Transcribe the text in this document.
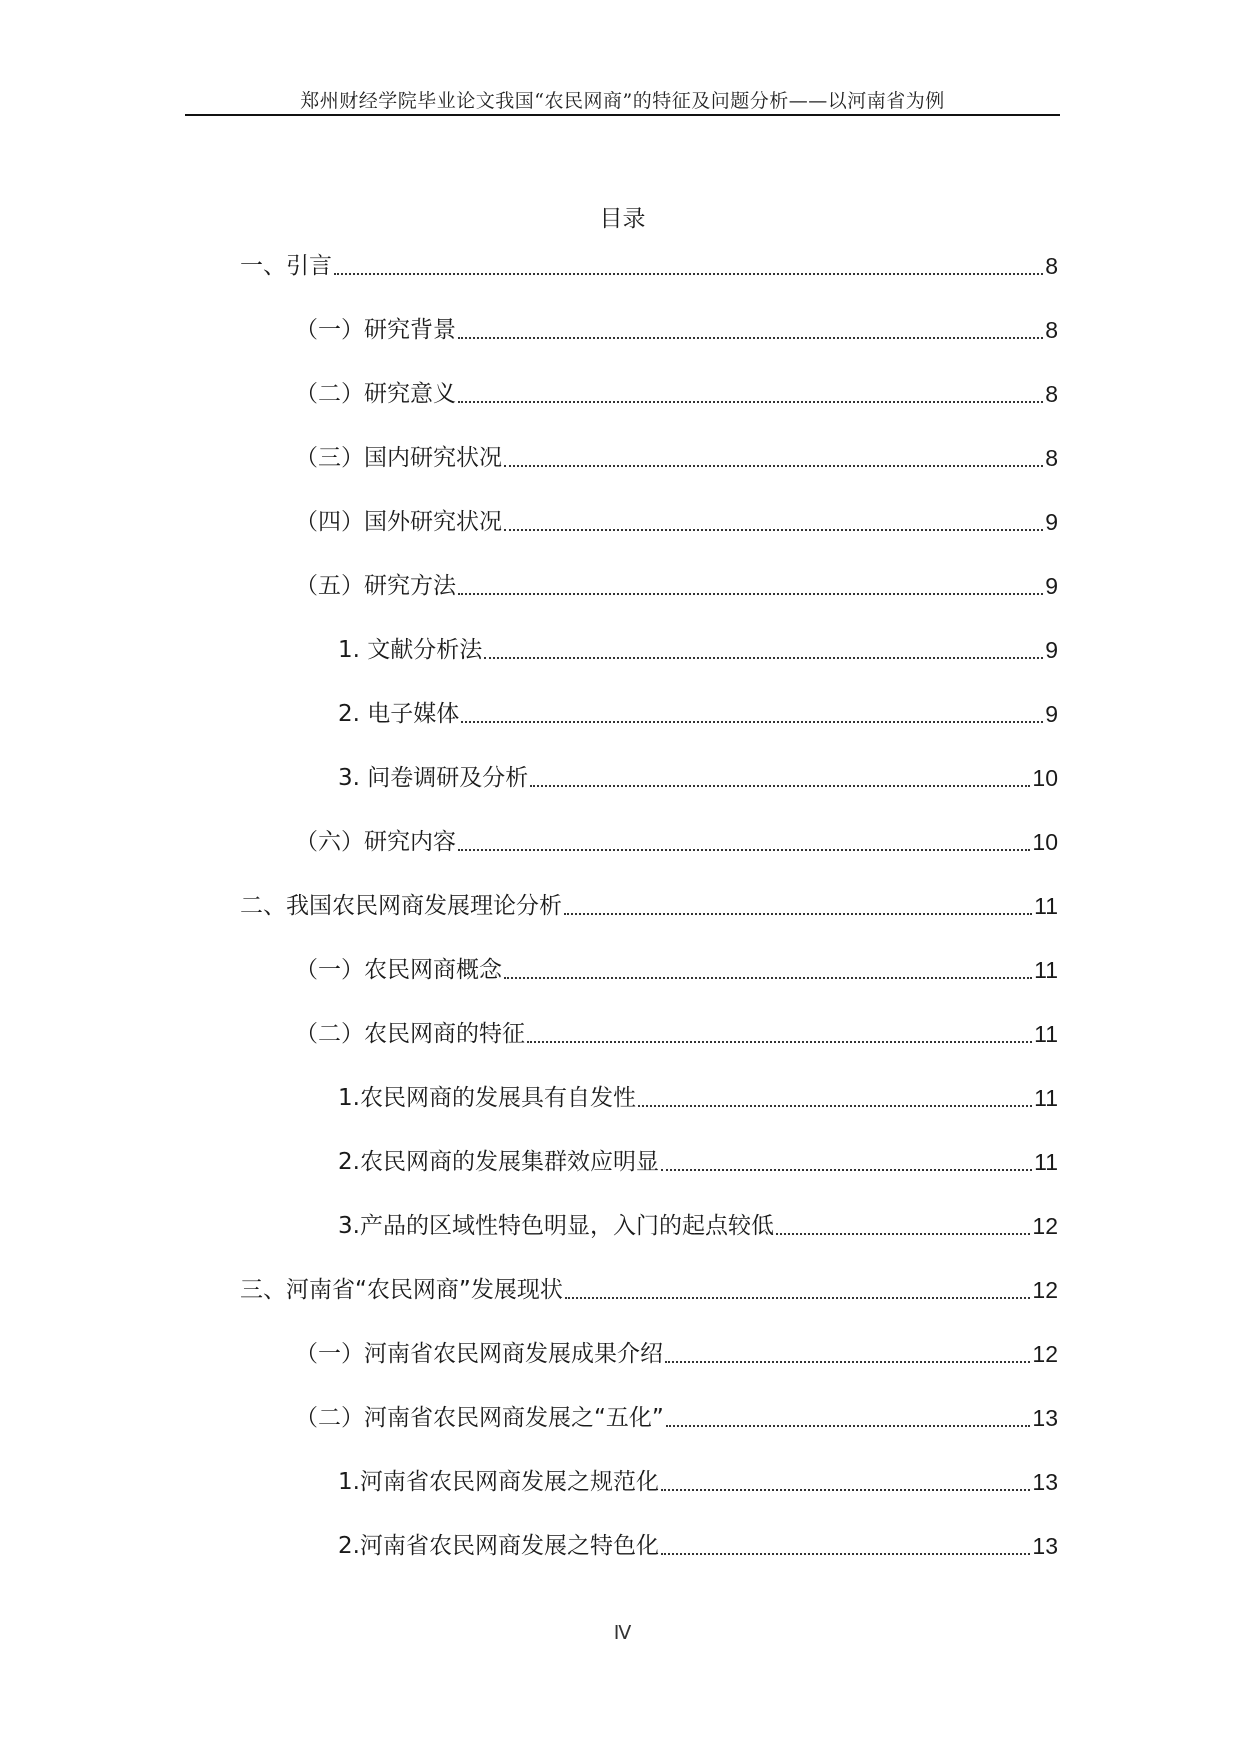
郑州财经学院毕业论文我国“农民网商”的特征及问题分析——以河南省为例
目录
一、引言	8
（一）研究背景	8
（二）研究意义	8
（三）国内研究状况	8
（四）国外研究状况	9
（五）研究方法	9
1. 文献分析法	9
2. 电子媒体	9
3. 问卷调研及分析	10
（六）研究内容	10
二、我国农民网商发展理论分析	11
（一）农民网商概念	11
（二）农民网商的特征	11
1.农民网商的发展具有自发性	11
2.农民网商的发展集群效应明显	11
3.产品的区域性特色明显，入门的起点较低	12
三、河南省“农民网商”发展现状	12
（一）河南省农民网商发展成果介绍	12
（二）河南省农民网商发展之“五化”	13
1.河南省农民网商发展之规范化	13
2.河南省农民网商发展之特色化	13
Ⅳ
